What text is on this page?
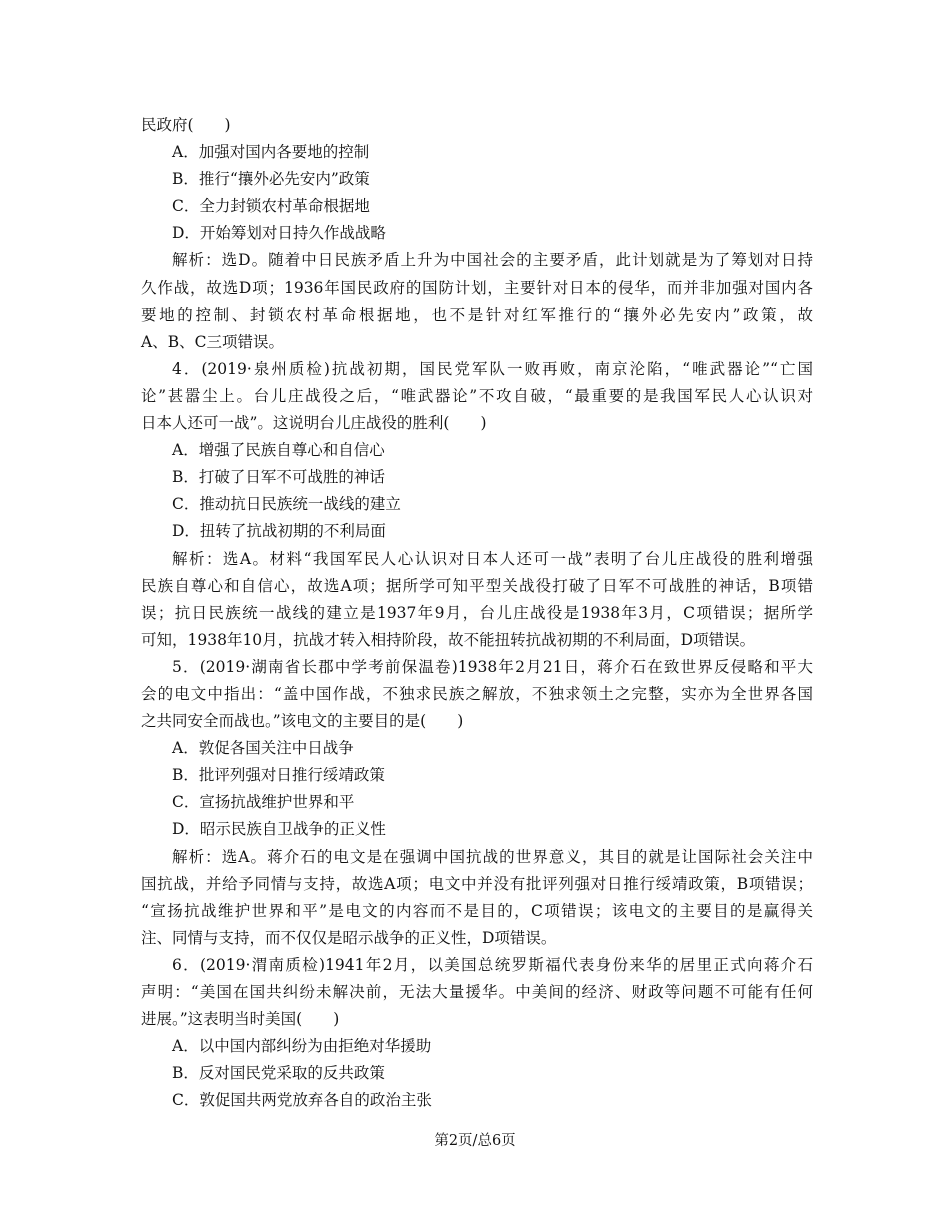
民政府(　　)
A．加强对国内各要地的控制
B．推行“攘外必先安内”政策
C．全力封锁农村革命根据地
D．开始筹划对日持久作战战略
解析：选D。随着中日民族矛盾上升为中国社会的主要矛盾，此计划就是为了筹划对日持
久作战，故选D项；1936年国民政府的国防计划，主要针对日本的侵华，而并非加强对国内各
要地的控制、封锁农村革命根据地，也不是针对红军推行的“攘外必先安内”政策，故
A、B、C三项错误。
4．(2019·泉州质检)抗战初期，国民党军队一败再败，南京沦陷，“唯武器论”“亡国
论”甚嚣尘上。台儿庄战役之后，“唯武器论”不攻自破，“最重要的是我国军民人心认识对
日本人还可一战”。这说明台儿庄战役的胜利(　　)
A．增强了民族自尊心和自信心
B．打破了日军不可战胜的神话
C．推动抗日民族统一战线的建立
D．扭转了抗战初期的不利局面
解析：选A。材料“我国军民人心认识对日本人还可一战”表明了台儿庄战役的胜利增强
民族自尊心和自信心，故选A项；据所学可知平型关战役打破了日军不可战胜的神话，B项错
误；抗日民族统一战线的建立是1937年9月，台儿庄战役是1938年3月，C项错误；据所学
可知，1938年10月，抗战才转入相持阶段，故不能扭转抗战初期的不利局面，D项错误。
5．(2019·湖南省长郡中学考前保温卷)1938年2月21日，蒋介石在致世界反侵略和平大
会的电文中指出：“盖中国作战，不独求民族之解放，不独求领土之完整，实亦为全世界各国
之共同安全而战也。”该电文的主要目的是(　　)
A．敦促各国关注中日战争
B．批评列强对日推行绥靖政策
C．宣扬抗战维护世界和平
D．昭示民族自卫战争的正义性
解析：选A。蒋介石的电文是在强调中国抗战的世界意义，其目的就是让国际社会关注中
国抗战，并给予同情与支持，故选A项；电文中并没有批评列强对日推行绥靖政策，B项错误；
“宣扬抗战维护世界和平”是电文的内容而不是目的，C项错误；该电文的主要目的是赢得关
注、同情与支持，而不仅仅是昭示战争的正义性，D项错误。
6．(2019·渭南质检)1941年2月，以美国总统罗斯福代表身份来华的居里正式向蒋介石
声明：“美国在国共纠纷未解决前，无法大量援华。中美间的经济、财政等问题不可能有任何
进展。”这表明当时美国(　　)
A．以中国内部纠纷为由拒绝对华援助
B．反对国民党采取的反共政策
C．敦促国共两党放弃各自的政治主张
第2页/总6页
